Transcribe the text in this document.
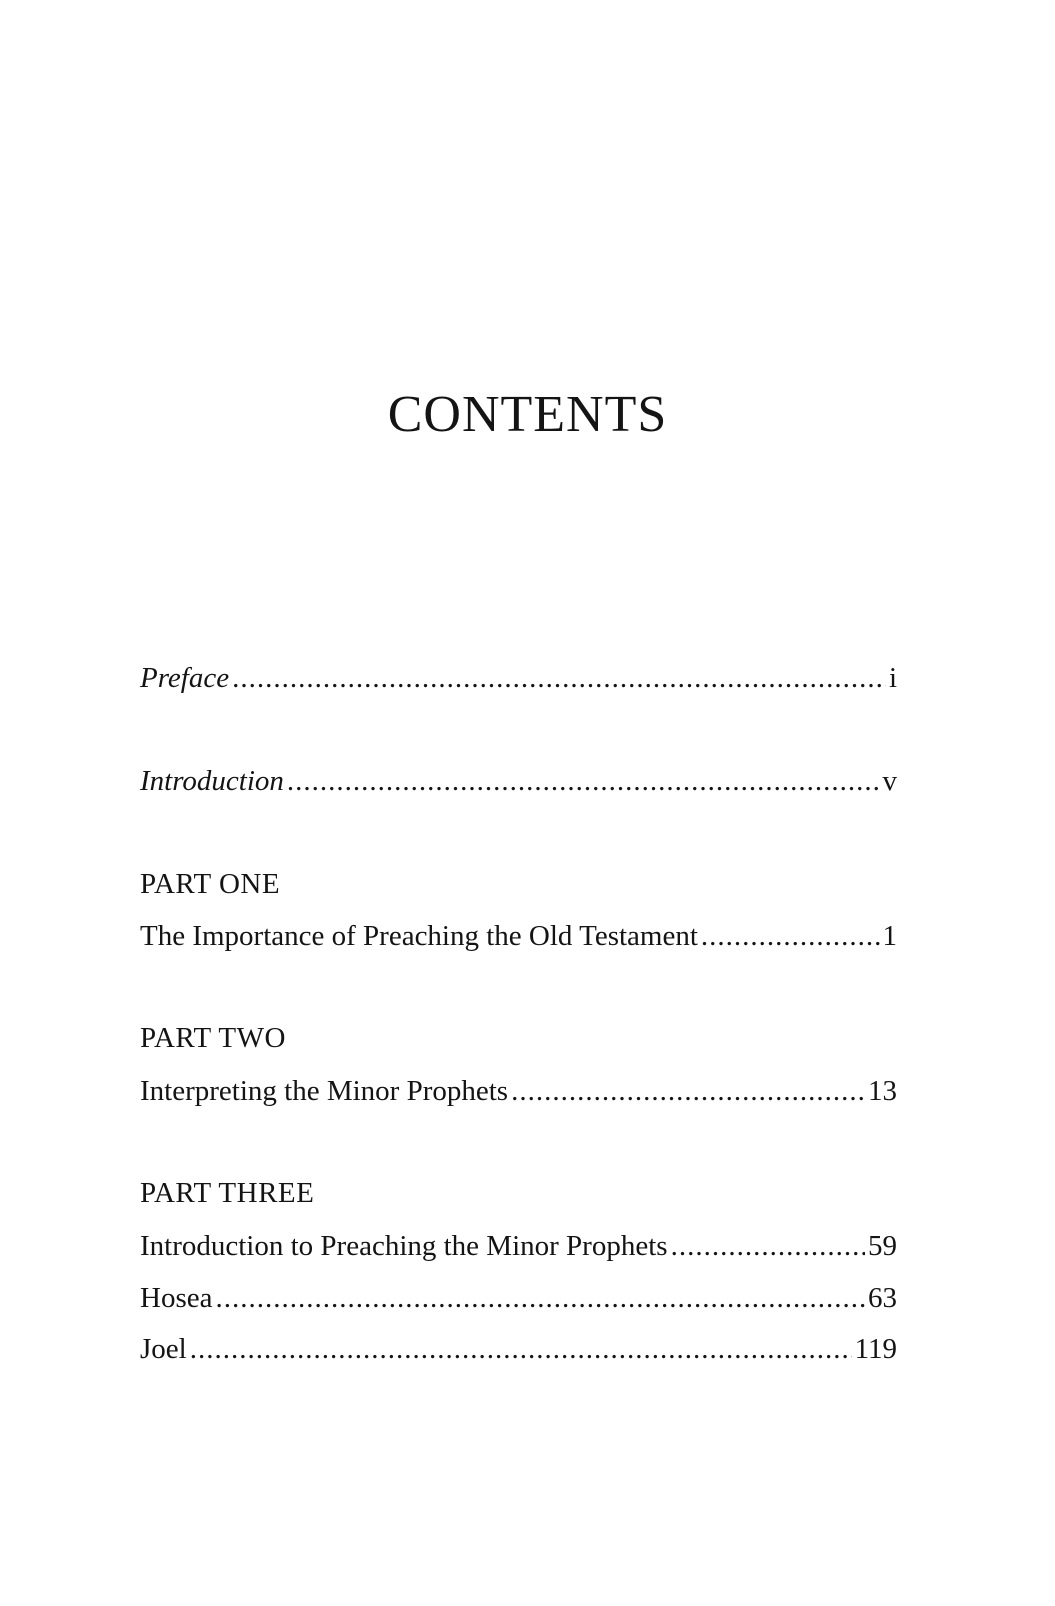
CONTENTS
Preface .....	i
Introduction .....	v
PART ONE
The Importance of Preaching the Old Testament .....	1
PART TWO
Interpreting the Minor Prophets .....	13
PART THREE
Introduction to Preaching the Minor Prophets .....	59
Hosea .....	63
Joel .....	119
